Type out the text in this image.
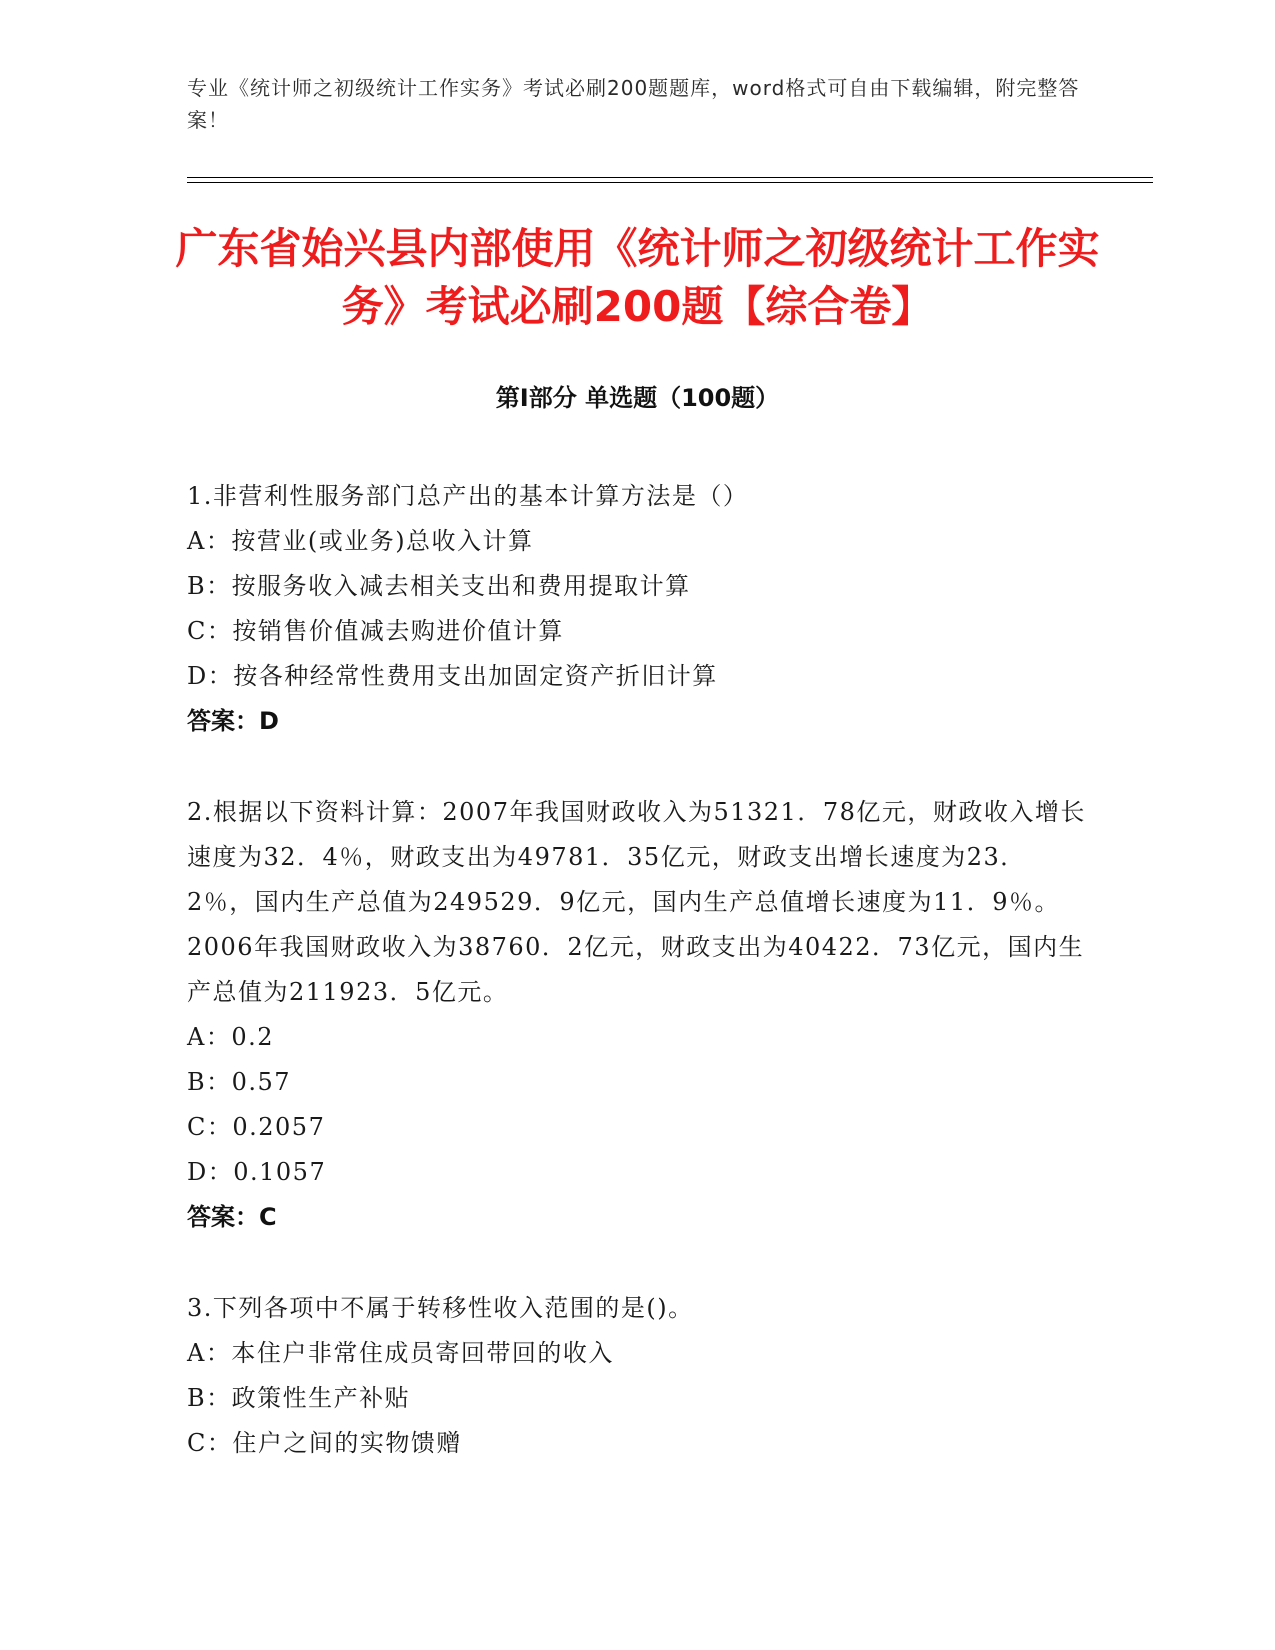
专业《统计师之初级统计工作实务》考试必刷200题题库，word格式可自由下载编辑，附完整答案！
广东省始兴县内部使用《统计师之初级统计工作实务》考试必刷200题【综合卷】
第I部分 单选题（100题）
1.非营利性服务部门总产出的基本计算方法是（）
A：按营业(或业务)总收入计算
B：按服务收入减去相关支出和费用提取计算
C：按销售价值减去购进价值计算
D：按各种经常性费用支出加固定资产折旧计算
答案：D
2.根据以下资料计算：2007年我国财政收入为51321．78亿元，财政收入增长速度为32．4％，财政支出为49781．35亿元，财政支出增长速度为23．2％，国内生产总值为249529．9亿元，国内生产总值增长速度为11．9％。2006年我国财政收入为38760．2亿元，财政支出为40422．73亿元，国内生产总值为211923．5亿元。
A：0.2
B：0.57
C：0.2057
D：0.1057
答案：C
3.下列各项中不属于转移性收入范围的是()。
A：本住户非常住成员寄回带回的收入
B：政策性生产补贴
C：住户之间的实物馈赠
